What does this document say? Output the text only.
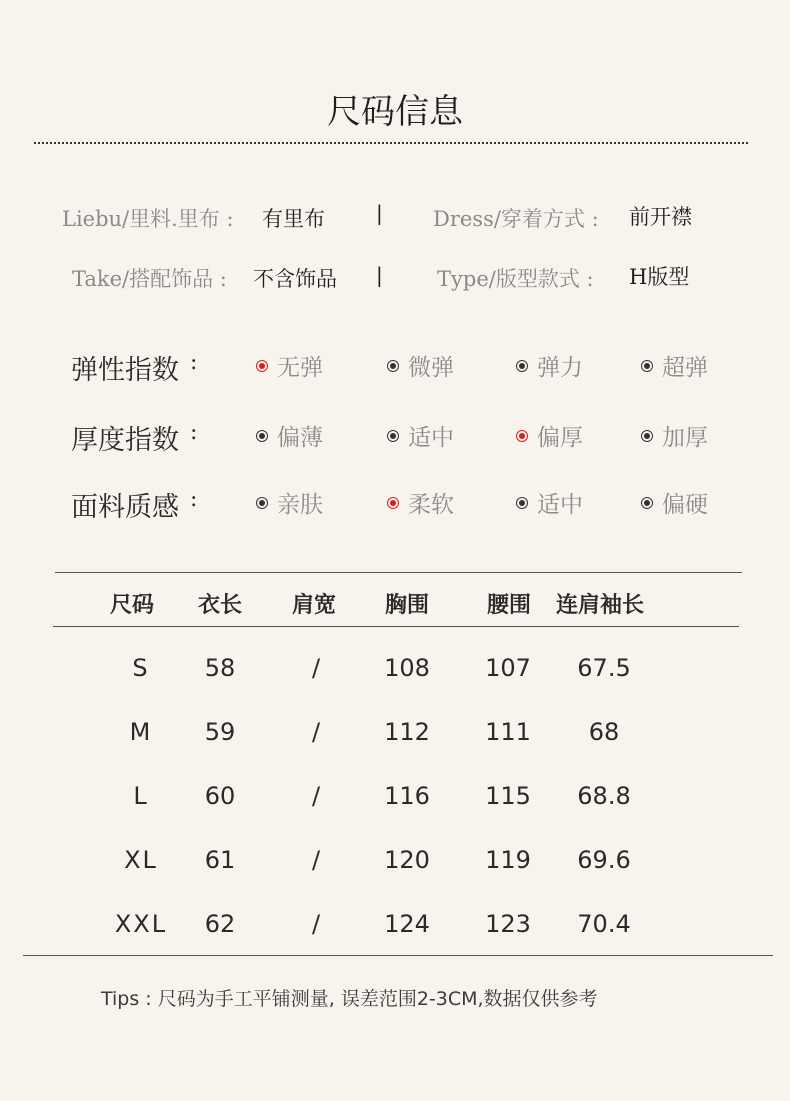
尺码信息
Liebu/里料.里布 : 有里布	| Dress/穿着方式 : 前开襟
Take/搭配饰品 : 不含饰品 |	Type/版型款式 : H版型
弹性指数 :	无弹	微弹	弹力	超弹
厚度指数 :	偏薄	适中	偏厚	加厚
面料质感 :	亲肤	柔软	适中	偏硬
尺码 衣长 肩宽 胸围	腰围 连肩袖长
S	58	/	108	107	67.5
M	59	/	112	111	68
L	60	/	116	115	68.8
XL	61	/	120	119	69.6
XXL	62	/	124	123	70.4
Tips : 尺码为手工平铺测量, 误差范围2-3CM,数据仅供参考
